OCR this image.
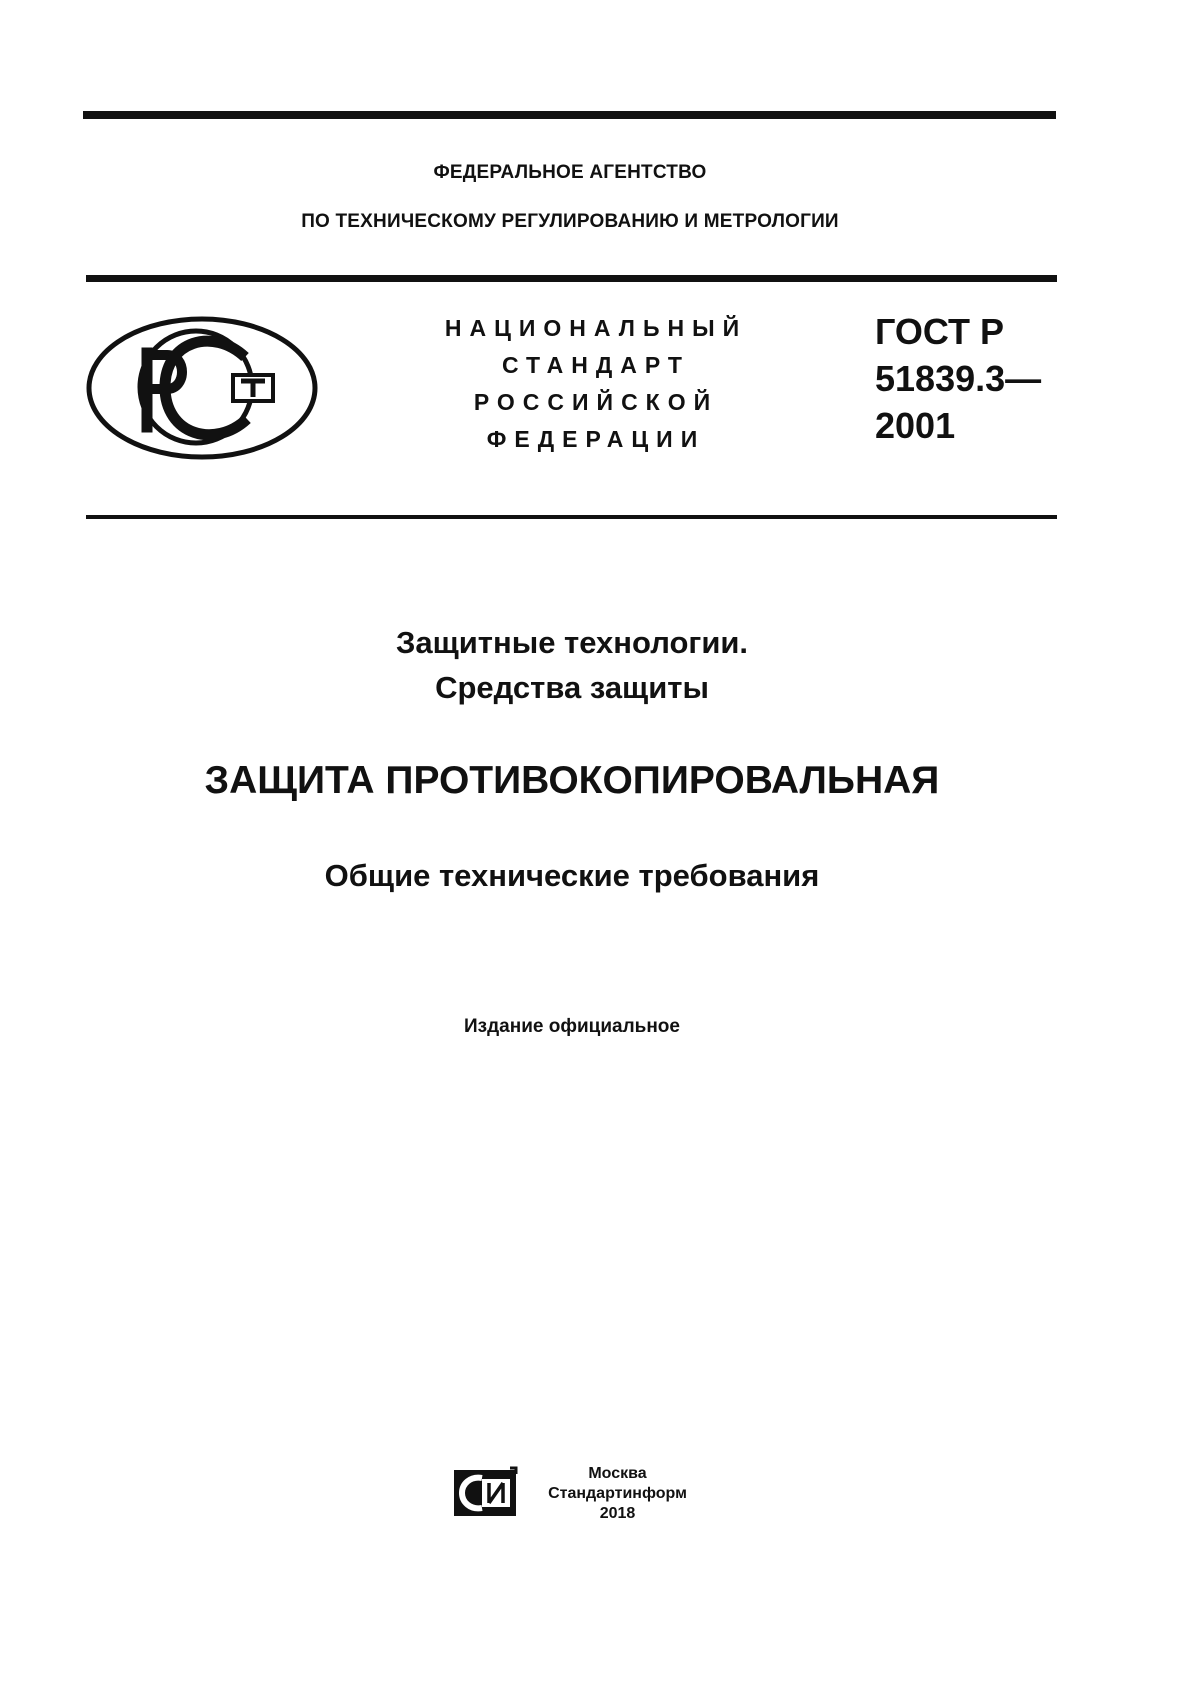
ФЕДЕРАЛЬНОЕ АГЕНТСТВО
ПО ТЕХНИЧЕСКОМУ РЕГУЛИРОВАНИЮ И МЕТРОЛОГИИ
НАЦИОНАЛЬНЫЙ
СТАНДАРТ
РОССИЙСКОЙ
ФЕДЕРАЦИИ
ГОСТ Р
51839.3—
2001
Защитные технологии.
Средства защиты
ЗАЩИТА ПРОТИВОКОПИРОВАЛЬНАЯ
Общие технические требования
Издание официальное
Москва
Стандартинформ
2018
